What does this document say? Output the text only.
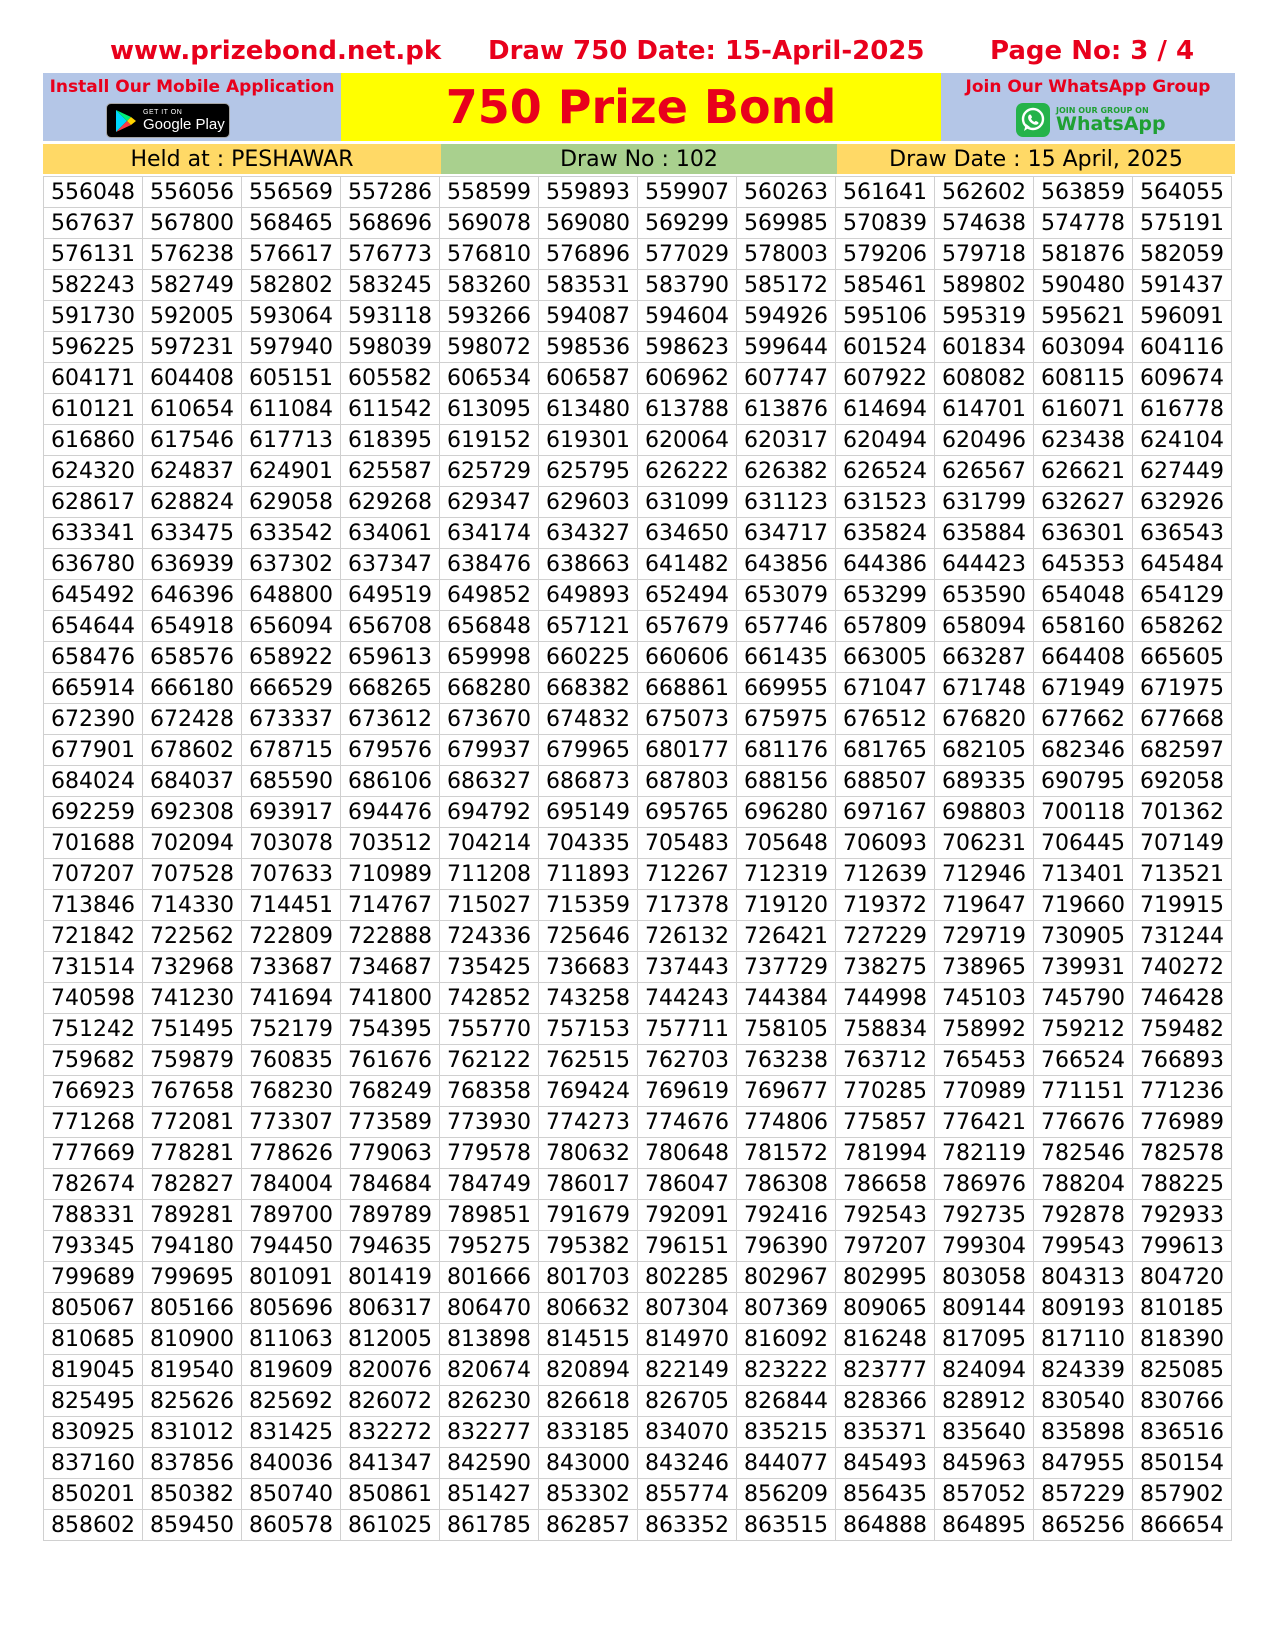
www.prizebond.net.pk Draw 750 Date: 15-April-2025	Page No: 3 / 4
Install Our Mobile Application
GET IT ON
Google Play	750 Prize Bond	Join Our WhatsApp Group
JOIN OUR GROUP ON
WhatsApp
Held at : PESHAWAR	Draw No : 102	Draw Date : 15 April, 2025
556048	556056	556569	557286	558599	559893	559907	560263	561641	562602	563859	564055
567637	567800	568465	568696	569078	569080	569299	569985	570839	574638	574778	575191
576131	576238	576617	576773	576810	576896	577029	578003	579206	579718	581876	582059
582243	582749	582802	583245	583260	583531	583790	585172	585461	589802	590480	591437
591730	592005	593064	593118	593266	594087	594604	594926	595106	595319	595621	596091
596225	597231	597940	598039	598072	598536	598623	599644	601524	601834	603094	604116
604171	604408	605151	605582	606534	606587	606962	607747	607922	608082	608115	609674
610121	610654	611084	611542	613095	613480	613788	613876	614694	614701	616071	616778
616860	617546	617713	618395	619152	619301	620064	620317	620494	620496	623438	624104
624320	624837	624901	625587	625729	625795	626222	626382	626524	626567	626621	627449
628617	628824	629058	629268	629347	629603	631099	631123	631523	631799	632627	632926
633341	633475	633542	634061	634174	634327	634650	634717	635824	635884	636301	636543
636780	636939	637302	637347	638476	638663	641482	643856	644386	644423	645353	645484
645492	646396	648800	649519	649852	649893	652494	653079	653299	653590	654048	654129
654644	654918	656094	656708	656848	657121	657679	657746	657809	658094	658160	658262
658476	658576	658922	659613	659998	660225	660606	661435	663005	663287	664408	665605
665914	666180	666529	668265	668280	668382	668861	669955	671047	671748	671949	671975
672390	672428	673337	673612	673670	674832	675073	675975	676512	676820	677662	677668
677901	678602	678715	679576	679937	679965	680177	681176	681765	682105	682346	682597
684024	684037	685590	686106	686327	686873	687803	688156	688507	689335	690795	692058
692259	692308	693917	694476	694792	695149	695765	696280	697167	698803	700118	701362
701688	702094	703078	703512	704214	704335	705483	705648	706093	706231	706445	707149
707207	707528	707633	710989	711208	711893	712267	712319	712639	712946	713401	713521
713846	714330	714451	714767	715027	715359	717378	719120	719372	719647	719660	719915
721842	722562	722809	722888	724336	725646	726132	726421	727229	729719	730905	731244
731514	732968	733687	734687	735425	736683	737443	737729	738275	738965	739931	740272
740598	741230	741694	741800	742852	743258	744243	744384	744998	745103	745790	746428
751242	751495	752179	754395	755770	757153	757711	758105	758834	758992	759212	759482
759682	759879	760835	761676	762122	762515	762703	763238	763712	765453	766524	766893
766923	767658	768230	768249	768358	769424	769619	769677	770285	770989	771151	771236
771268	772081	773307	773589	773930	774273	774676	774806	775857	776421	776676	776989
777669	778281	778626	779063	779578	780632	780648	781572	781994	782119	782546	782578
782674	782827	784004	784684	784749	786017	786047	786308	786658	786976	788204	788225
788331	789281	789700	789789	789851	791679	792091	792416	792543	792735	792878	792933
793345	794180	794450	794635	795275	795382	796151	796390	797207	799304	799543	799613
799689	799695	801091	801419	801666	801703	802285	802967	802995	803058	804313	804720
805067	805166	805696	806317	806470	806632	807304	807369	809065	809144	809193	810185
810685	810900	811063	812005	813898	814515	814970	816092	816248	817095	817110	818390
819045	819540	819609	820076	820674	820894	822149	823222	823777	824094	824339	825085
825495	825626	825692	826072	826230	826618	826705	826844	828366	828912	830540	830766
830925	831012	831425	832272	832277	833185	834070	835215	835371	835640	835898	836516
837160	837856	840036	841347	842590	843000	843246	844077	845493	845963	847955	850154
850201	850382	850740	850861	851427	853302	855774	856209	856435	857052	857229	857902
858602	859450	860578	861025	861785	862857	863352	863515	864888	864895	865256	866654
